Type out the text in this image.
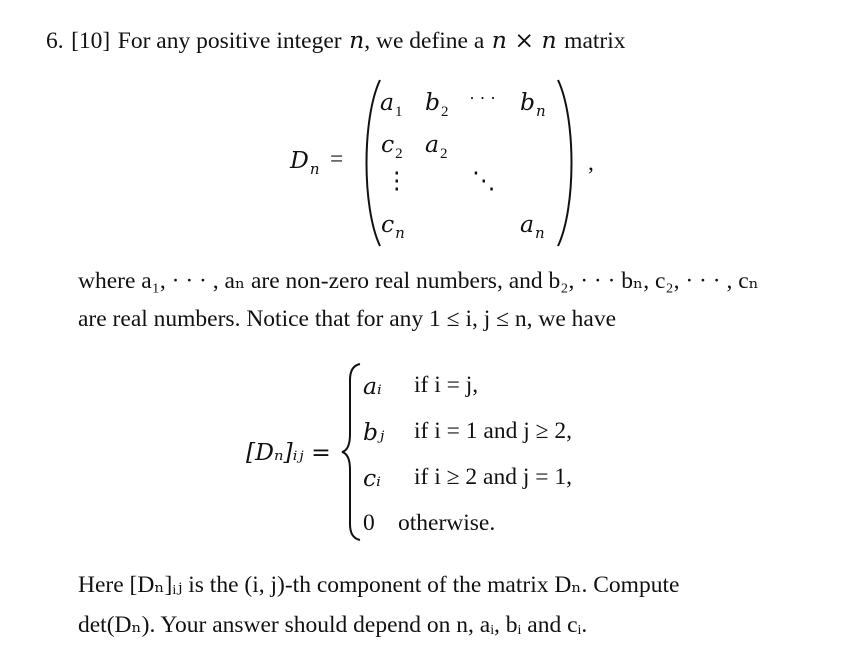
6. [10] For any positive integer n, we define a n × n matrix
$D_n$ =
$a_1$ $b_2$
· · · $b_n$
$c_2$ $a_2$
⋮	⋱
$c_n$	$a_n$
,
where a₁, · · · , aₙ are non-zero real numbers, and b₂, · · · bₙ, c₂, · · · , cₙ
are real numbers. Notice that for any 1 ≤ i, j ≤ n, we have
[Dₙ]ᵢⱼ =
aᵢ if i = j,
bⱼ if i = 1 and j ≥ 2,
cᵢ if i ≥ 2 and j = 1,
0 otherwise.
Here [Dₙ]ᵢⱼ is the (i, j)-th component of the matrix Dₙ. Compute
det(Dₙ). Your answer should depend on n, aᵢ, bᵢ and cᵢ.
